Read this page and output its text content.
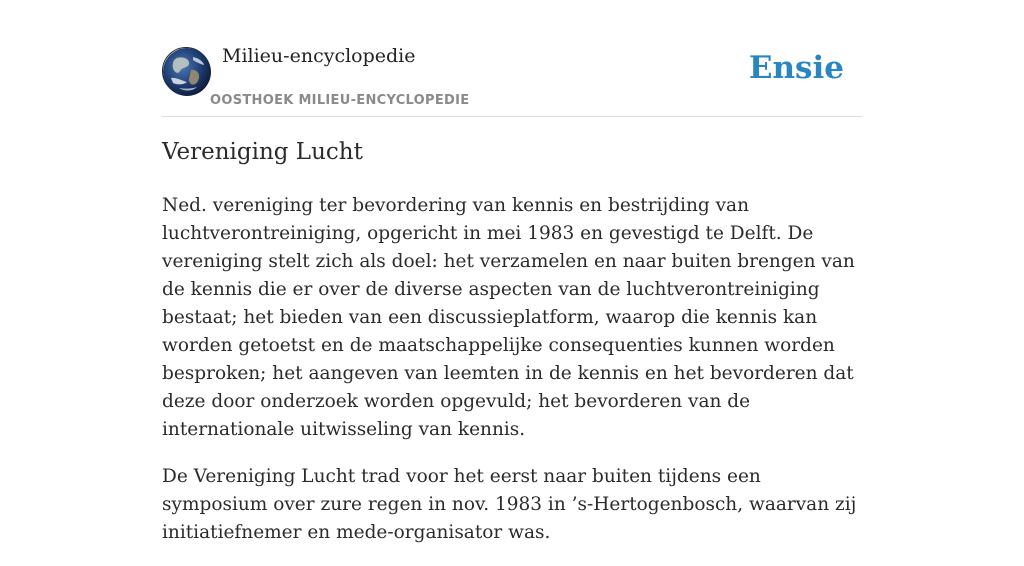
Milieu-encyclopedie
OOSTHOEK MILIEU-ENCYCLOPEDIE
Ensie
Vereniging Lucht

Ned. vereniging ter bevordering van kennis en bestrijding van luchtverontreiniging, opgericht in mei 1983 en gevestigd te Delft. De vereniging stelt zich als doel: het verzamelen en naar buiten brengen van de kennis die er over de diverse aspecten van de luchtverontreiniging bestaat; het bieden van een discussieplatform, waarop die kennis kan worden getoetst en de maatschappelijke consequenties kunnen worden besproken; het aangeven van leemten in de kennis en het bevorderen dat deze door onderzoek worden opgevuld; het bevorderen van de internationale uitwisseling van kennis.

De Vereniging Lucht trad voor het eerst naar buiten tijdens een symposium over zure regen in nov. 1983 in ’s-Hertogenbosch, waarvan zij initiatiefnemer en mede-organisator was.
